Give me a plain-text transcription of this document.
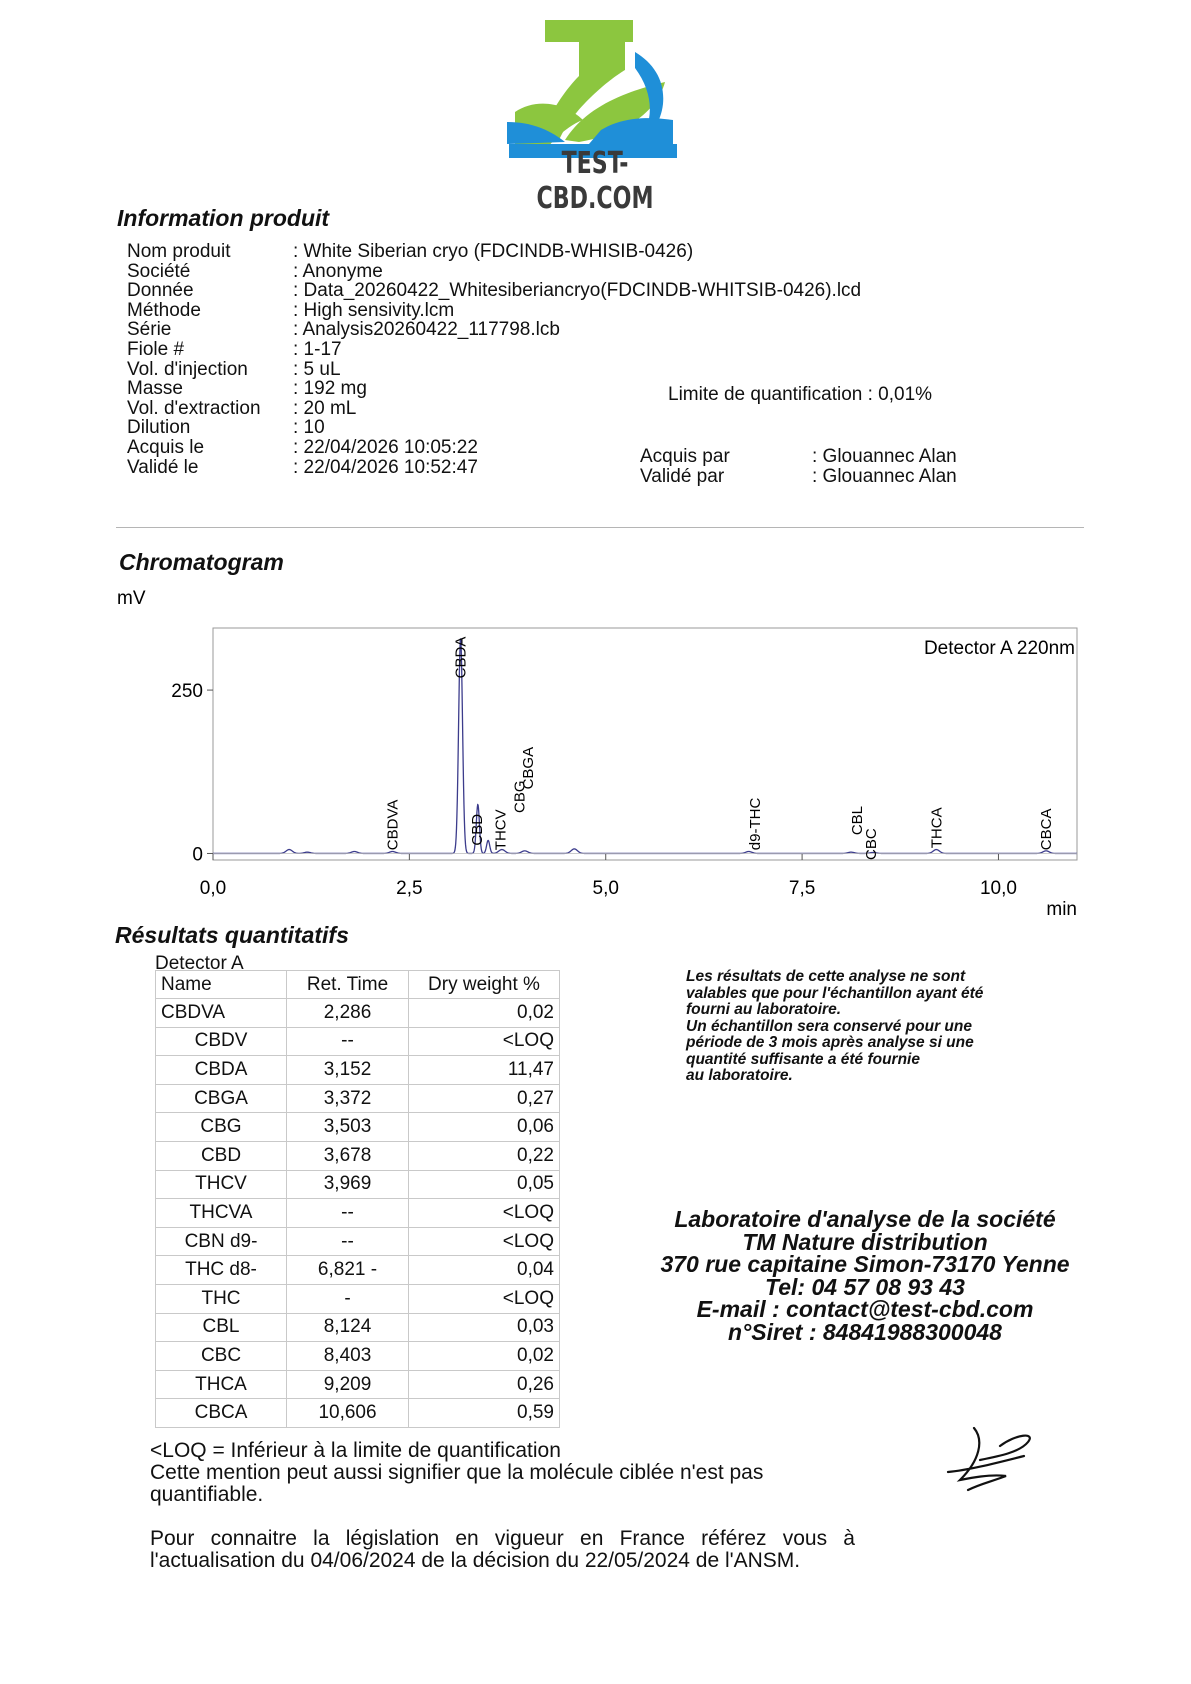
TEST-CBD.COM
Information produit
Nom produit	: White Siberian cryo (FDCINDB-WHISIB-0426)
Société	: Anonyme
Donnée	: Data_20260422_Whitesiberiancryo(FDCINDB-WHITSIB-0426).lcd
Méthode	: High sensivity.lcm
Série	: Analysis20260422_117798.lcb
Fiole #	: 1-17
Vol. d'injection	: 5 uL
Masse	: 192 mg
Vol. d'extraction	: 20 mL
Dilution	: 10
Acquis le	: 22/04/2026 10:05:22
Validé le	: 22/04/2026 10:52:47
Limite de quantification : 0,01%
Acquis par	: Glouannec Alan
Validé par	: Glouannec Alan
Chromatogram
0,0	2,5	5,0	7,5	10,0
0
250
mV
min
Detector A 220nm
CBDVA
CBDA
CBD THCV
CBG
CBGA
d9-THC	CBL
CBC	THCA	CBCA
Résultats quantitatifs
Detector A
Name	Ret. Time	Dry weight %
CBDVA	2,286	0,02
CBDV	--	<LOQ
CBDA	3,152	11,47
CBGA	3,372	0,27
CBG	3,503	0,06
CBD	3,678	0,22
THCV	3,969	0,05
THCVA	--	<LOQ
CBN d9-	--	<LOQ
THC d8-	6,821 -	0,04
THC	-	<LOQ
CBL	8,124	0,03
CBC	8,403	0,02
THCA	9,209	0,26
CBCA	10,606	0,59
Les résultats de cette analyse ne sont
valables que pour l'échantillon ayant été
fourni au laboratoire.
Un échantillon sera conservé pour une
période de 3 mois après analyse si une
quantité suffisante a été fournie
au laboratoire.
Laboratoire d'analyse de la société
TM Nature distribution
370 rue capitaine Simon-73170 Yenne
Tel: 04 57 08 93 43
E-mail : contact@test-cbd.com
n°Siret : 84841988300048

<LOQ = Inférieur à la limite de quantification

Cette mention peut aussi signifier que la molécule ciblée n'est pas quantifiable.

Pour connaitre la législation en vigueur en France référez vous à l'actualisation du 04/06/2024 de la décision du 22/05/2024 de l'ANSM.
